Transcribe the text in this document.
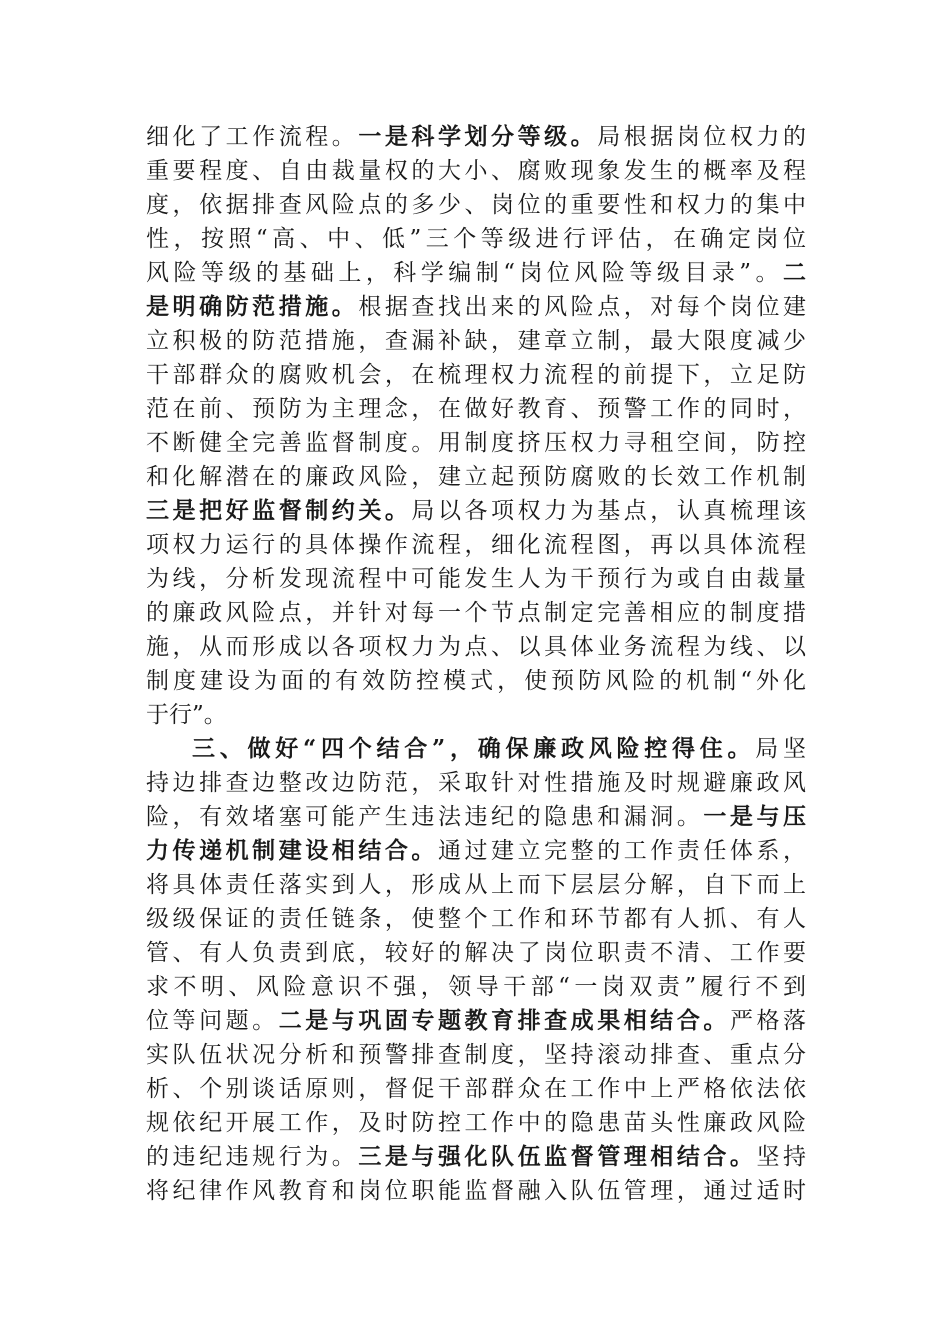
细化了工作流程。一是科学划分等级。局根据岗位权力的
重要程度、自由裁量权的大小、腐败现象发生的概率及程
度，依据排查风险点的多少、岗位的重要性和权力的集中
性，按照“高、中、低”三个等级进行评估，在确定岗位
风险等级的基础上，科学编制“岗位风险等级目录”。二
是明确防范措施。根据查找出来的风险点，对每个岗位建
立积极的防范措施，查漏补缺，建章立制，最大限度减少
干部群众的腐败机会，在梳理权力流程的前提下，立足防
范在前、预防为主理念，在做好教育、预警工作的同时，
不断健全完善监督制度。用制度挤压权力寻租空间，防控
和化解潜在的廉政风险，建立起预防腐败的长效工作机制
三是把好监督制约关。局以各项权力为基点，认真梳理该
项权力运行的具体操作流程，细化流程图，再以具体流程
为线，分析发现流程中可能发生人为干预行为或自由裁量
的廉政风险点，并针对每一个节点制定完善相应的制度措
施，从而形成以各项权力为点、以具体业务流程为线、以
制度建设为面的有效防控模式，使预防风险的机制“外化
于行”。
三、做好“四个结合”，确保廉政风险控得住。局坚
持边排查边整改边防范，采取针对性措施及时规避廉政风
险，有效堵塞可能产生违法违纪的隐患和漏洞。一是与压
力传递机制建设相结合。通过建立完整的工作责任体系，
将具体责任落实到人，形成从上而下层层分解，自下而上
级级保证的责任链条，使整个工作和环节都有人抓、有人
管、有人负责到底，较好的解决了岗位职责不清、工作要
求不明、风险意识不强，领导干部“一岗双责”履行不到
位等问题。二是与巩固专题教育排查成果相结合。严格落
实队伍状况分析和预警排查制度，坚持滚动排查、重点分
析、个别谈话原则，督促干部群众在工作中上严格依法依
规依纪开展工作，及时防控工作中的隐患苗头性廉政风险
的违纪违规行为。三是与强化队伍监督管理相结合。坚持
将纪律作风教育和岗位职能监督融入队伍管理，通过适时
